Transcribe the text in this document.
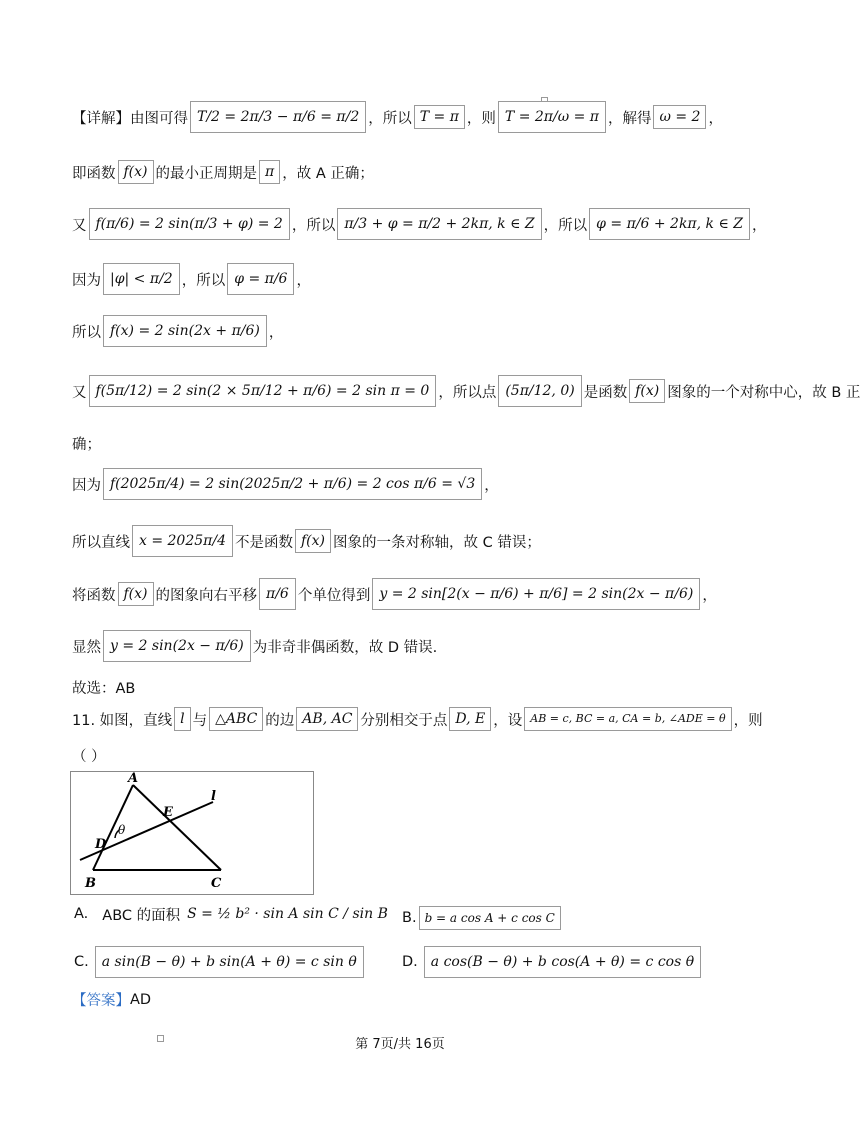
【详解】由图可得 T/2 = 2π/3 − π/6 = π/2 ，所以 T = π ，则 T = 2π/ω = π ，解得 ω = 2 ，
即函数 f(x) 的最小正周期是 π ，故 A 正确；
又 f(π/6) = 2 sin(π/3 + φ) = 2 ，所以 π/3 + φ = π/2 + 2kπ, k ∈ Z ，所以 φ = π/6 + 2kπ, k ∈ Z ，
因为 |φ| < π/2 ，所以 φ = π/6 ，
所以 f(x) = 2 sin(2x + π/6) ，
又 f(5π/12) = 2 sin(2 × 5π/12 + π/6) = 2 sin π = 0 ，所以点 (5π/12, 0) 是函数 f(x) 图象的一个对称中心，故 B 正
确；
因为 f(2025π/4) = 2 sin(2025π/2 + π/6) = 2 cos π/6 = √3 ，
所以直线 x = 2025π/4 不是函数 f(x) 图象的一条对称轴，故 C 错误；
将函数 f(x) 的图象向右平移 π/6 个单位得到 y = 2 sin[2(x − π/6) + π/6] = 2 sin(2x − π/6) ，
显然 y = 2 sin(2x − π/6) 为非奇非偶函数，故 D 错误.
故选：AB
11. 如图，直线 l 与 △ABC 的边 AB, AC 分别相交于点 D, E ，设 AB = c, BC = a, CA = b, ∠ADE = θ ，则
（ ）
A
B	C
D
E
l
θ
A. ABC 的面积 S = ½ b² · sin A sin C / sin B B. b = a cos A + c cos C
C. a sin(B − θ) + b sin(A + θ) = c sin θ	D. a cos(B − θ) + b cos(A + θ) = c cos θ
【答案】 AD
第 7页/共 16页
